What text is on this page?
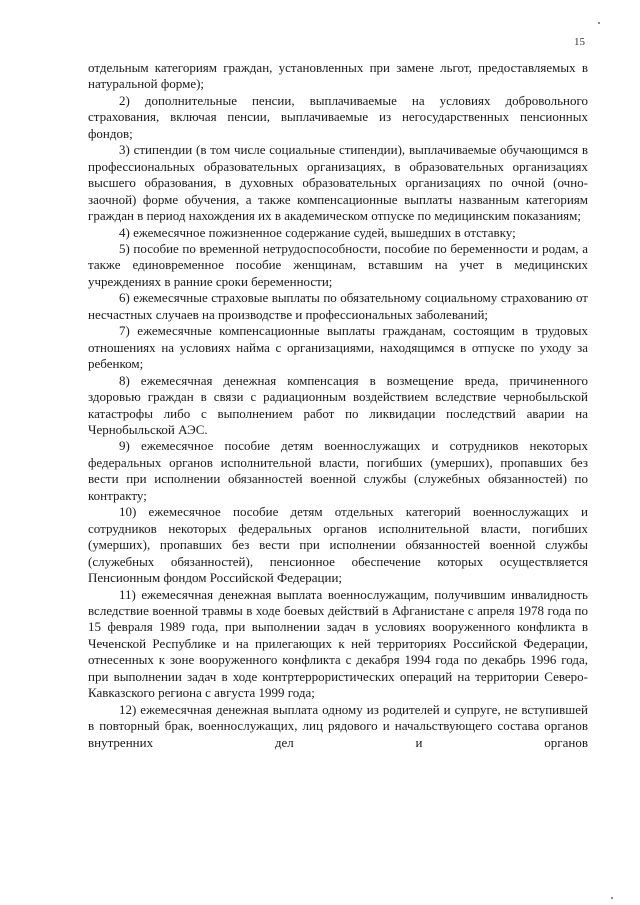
15

отдельным категориям граждан, установленных при замене льгот, предоставляемых в натуральной форме);

2) дополнительные пенсии, выплачиваемые на условиях добровольного страхования, включая пенсии, выплачиваемые из негосударственных пенсионных фондов;

3) стипендии (в том числе социальные стипендии), выплачиваемые обучающимся в профессиональных образовательных организациях, в образовательных организациях высшего образования, в духовных образовательных организациях по очной (очно-заочной) форме обучения, а также компенсационные выплаты названным категориям граждан в период нахождения их в академическом отпуске по медицинским показаниям;

4) ежемесячное пожизненное содержание судей, вышедших в отставку;

5) пособие по временной нетрудоспособности, пособие по беременности и родам, а также единовременное пособие женщинам, вставшим на учет в медицинских учреждениях в ранние сроки беременности;

6) ежемесячные страховые выплаты по обязательному социальному страхованию от несчастных случаев на производстве и профессиональных заболеваний;

7) ежемесячные компенсационные выплаты гражданам, состоящим в трудовых отношениях на условиях найма с организациями, находящимся в отпуске по уходу за ребенком;

8) ежемесячная денежная компенсация в возмещение вреда, причиненного здоровью граждан в связи с радиационным воздействием вследствие чернобыльской катастрофы либо с выполнением работ по ликвидации последствий аварии на Чернобыльской АЭС.

9) ежемесячное пособие детям военнослужащих и сотрудников некоторых федеральных органов исполнительной власти, погибших (умерших), пропавших без вести при исполнении обязанностей военной службы (служебных обязанностей) по контракту;

10) ежемесячное пособие детям отдельных категорий военнослужащих и сотрудников некоторых федеральных органов исполнительной власти, погибших (умерших), пропавших без вести при исполнении обязанностей военной службы (служебных обязанностей), пенсионное обеспечение которых осуществляется Пенсионным фондом Российской Федерации;

11) ежемесячная денежная выплата военнослужащим, получившим инвалидность вследствие военной травмы в ходе боевых действий в Афганистане с апреля 1978 года по 15 февраля 1989 года, при выполнении задач в условиях вооруженного конфликта в Чеченской Республике и на прилегающих к ней территориях Российской Федерации, отнесенных к зоне вооруженного конфликта с декабря 1994 года по декабрь 1996 года, при выполнении задач в ходе контртеррористических операций на территории Северо-Кавказского региона с августа 1999 года;

12) ежемесячная денежная выплата одному из родителей и супруге, не вступившей в повторный брак, военнослужащих, лиц рядового и начальствующего состава органов внутренних дел и органов
